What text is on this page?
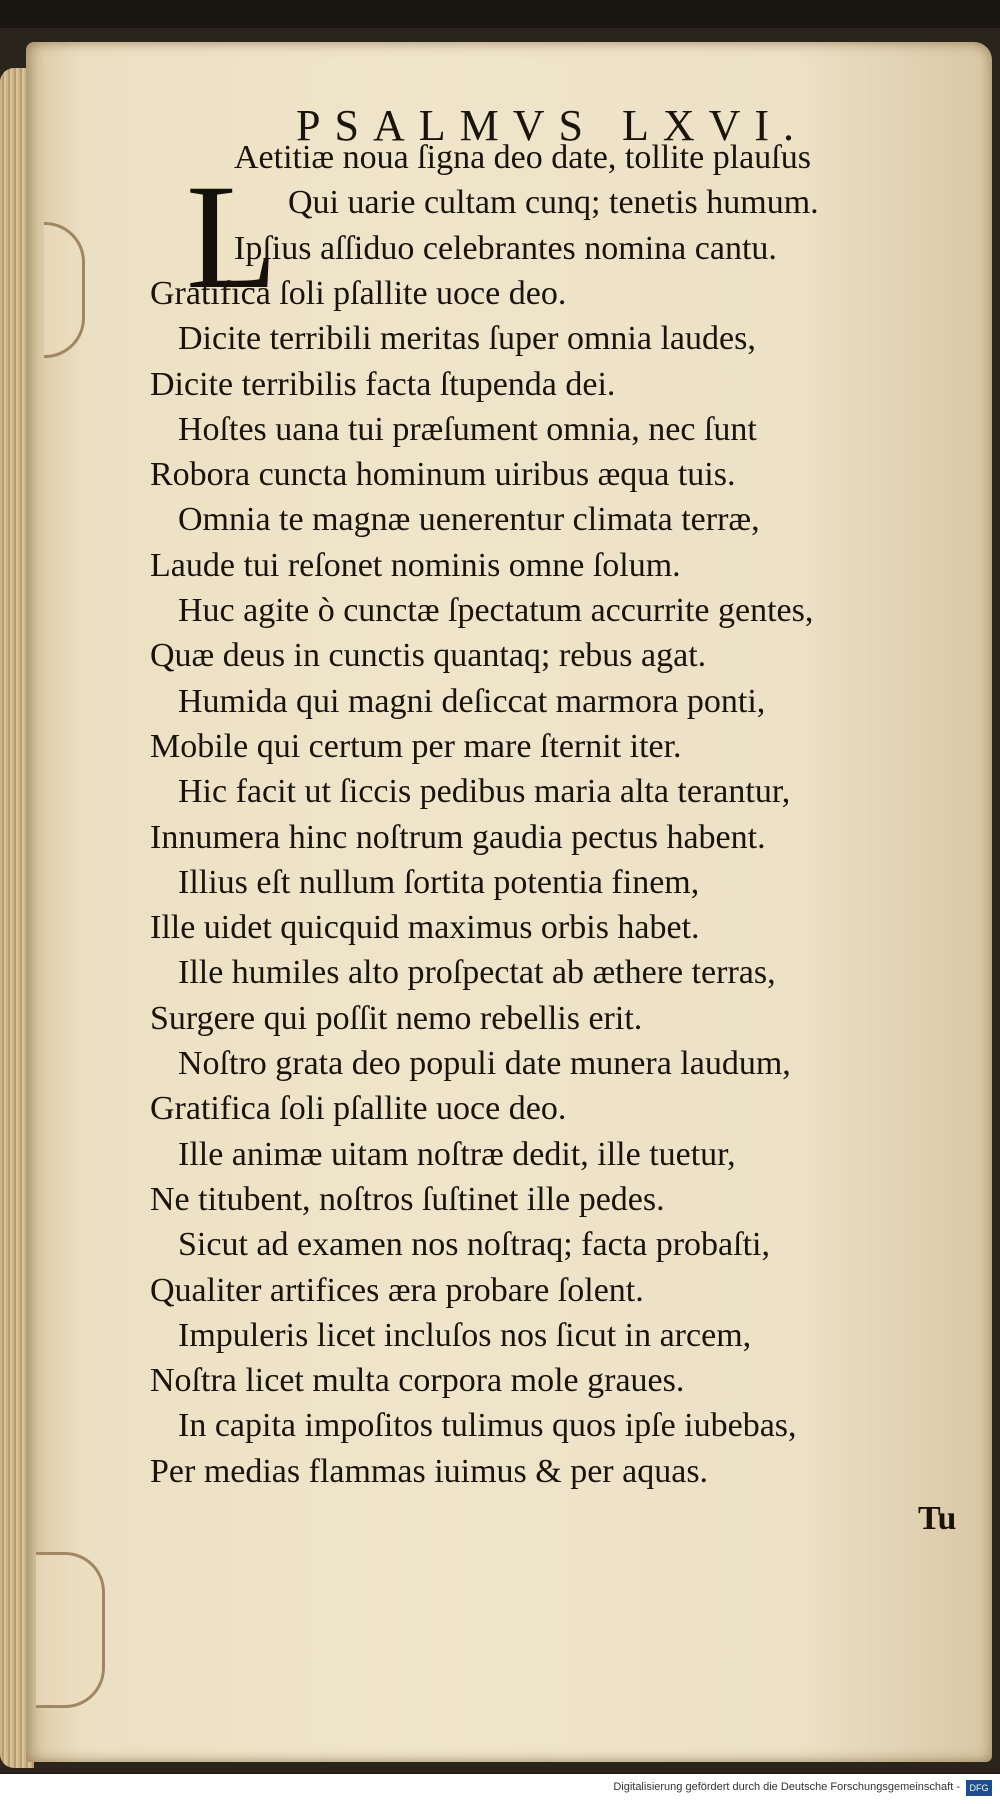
PSALMVS LXVI.
L
Aetitiæ noua ſigna deo date, tollite plauſus
Qui uarie cultam cunq; tenetis humum.
Ipſius aſſiduo celebrantes nomina cantu.
Gratifica ſoli pſallite uoce deo.
Dicite terribili meritas ſuper omnia laudes,
Dicite terribilis facta ſtupenda dei.
Hoſtes uana tui præſument omnia, nec ſunt
Robora cuncta hominum uiribus æqua tuis.
Omnia te magnæ uenerentur climata terræ,
Laude tui reſonet nominis omne ſolum.
Huc agite ò cunctæ ſpectatum accurrite gentes,
Quæ deus in cunctis quantaq; rebus agat.
Humida qui magni deſiccat marmora ponti,
Mobile qui certum per mare ſternit iter.
Hic facit ut ſiccis pedibus maria alta terantur,
Innumera hinc noſtrum gaudia pectus habent.
Illius eſt nullum ſortita potentia finem,
Ille uidet quicquid maximus orbis habet.
Ille humiles alto proſpectat ab æthere terras,
Surgere qui poſſit nemo rebellis erit.
Noſtro grata deo populi date munera laudum,
Gratifica ſoli pſallite uoce deo.
Ille animæ uitam noſtræ dedit, ille tuetur,
Ne titubent, noſtros ſuſtinet ille pedes.
Sicut ad examen nos noſtraq; facta probaſti,
Qualiter artifices æra probare ſolent.
Impuleris licet incluſos nos ſicut in arcem,
Noſtra licet multa corpora mole graues.
In capita impoſitos tulimus quos ipſe iubebas,
Per medias flammas iuimus & per aquas.
Tu
Digitalisierung gefördert durch die Deutsche Forschungsgemeinschaft -	DFG
